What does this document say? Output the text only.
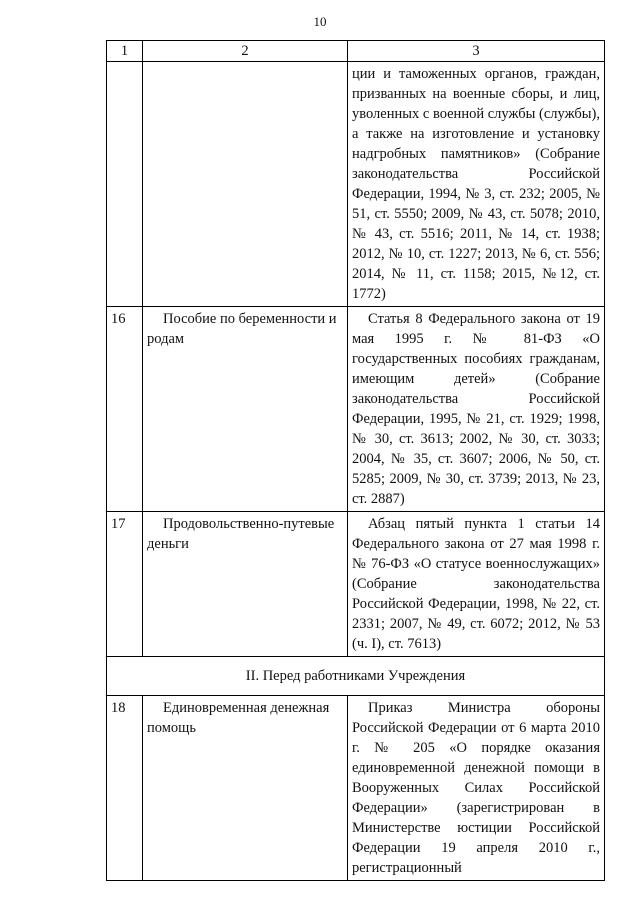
10
1	2	3
		ции и таможенных органов, граждан, призванных на военные сборы, и лиц, уволенных с военной службы (службы), а также на изготовление и установку надгробных памятников» (Собрание законодательства Российской Федерации, 1994, № 3, ст. 232; 2005, № 51, ст. 5550; 2009, № 43, ст. 5078; 2010, № 43, ст. 5516; 2011, № 14, ст. 1938; 2012, № 10, ст. 1227; 2013, № 6, ст. 556; 2014, № 11, ст. 1158; 2015, №12, ст. 1772)
16	Пособие по беременности и родам	Статья 8 Федерального закона от 19 мая 1995 г. № 81-ФЗ «О государственных пособиях гражданам, имеющим детей» (Собрание законодательства Российской Федерации, 1995, № 21, ст. 1929; 1998, № 30, ст. 3613; 2002, № 30, ст. 3033; 2004, № 35, ст. 3607; 2006, № 50, ст. 5285; 2009, № 30, ст. 3739; 2013, № 23, ст. 2887)
17	Продовольственно-путевые деньги	Абзац пятый пункта 1 статьи 14 Федерального закона от 27 мая 1998 г. № 76-ФЗ «О статусе военнослужащих» (Собрание законодательства Российской Федерации, 1998, № 22, ст. 2331; 2007, № 49, ст. 6072; 2012, № 53 (ч. I), ст. 7613)
II. Перед работниками Учреждения		
18	Единовременная денежная помощь	Приказ Министра обороны Российской Федерации от 6 марта 2010 г. № 205 «О порядке оказания единовременной денежной помощи в Вооруженных Силах Российской Федерации» (зарегистрирован в Министерстве юстиции Российской Федерации 19 апреля 2010 г., регистрационный
